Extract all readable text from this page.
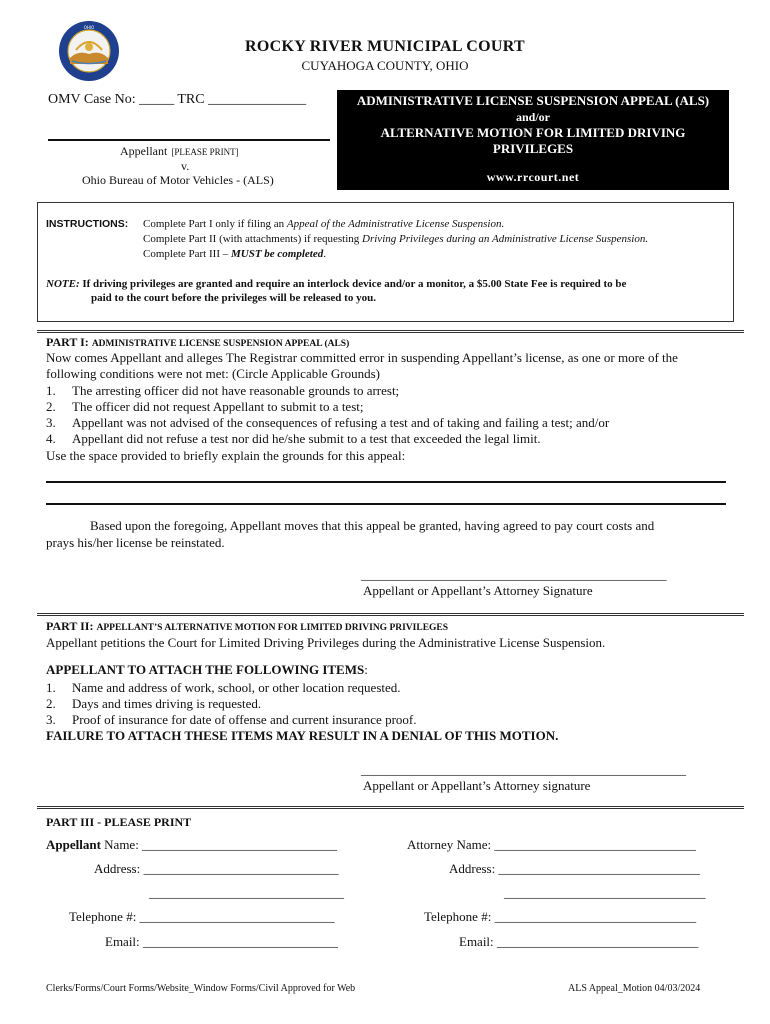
OHIO
ROCKY RIVER MUNICIPAL COURT
CUYAHOGA COUNTY, OHIO
OMV Case No: _____ TRC ______________
Appellant [PLEASE PRINT]
v.
Ohio Bureau of Motor Vehicles - (ALS)
ADMINISTRATIVE LICENSE SUSPENSION APPEAL (ALS)
and/or
ALTERNATIVE MOTION FOR LIMITED DRIVING
PRIVILEGES
www.rrcourt.net
INSTRUCTIONS: Complete Part I only if filing an Appeal of the Administrative License Suspension.
Complete Part II (with attachments) if requesting Driving Privileges during an Administrative License Suspension.
Complete Part III – MUST be completed.
NOTE: If driving privileges are granted and require an interlock device and/or a monitor, a $5.00 State Fee is required to be
paid to the court before the privileges will be released to you.
PART I: ADMINISTRATIVE LICENSE SUSPENSION APPEAL (ALS)
Now comes Appellant and alleges The Registrar committed error in suspending Appellant’s license, as one or more of the
following conditions were not met: (Circle Applicable Grounds)
1. The arresting officer did not have reasonable grounds to arrest;
2. The officer did not request Appellant to submit to a test;
3. Appellant was not advised of the consequences of refusing a test and of taking and failing a test; and/or
4. Appellant did not refuse a test nor did he/she submit to a test that exceeded the legal limit.
Use the space provided to briefly explain the grounds for this appeal:
Based upon the foregoing, Appellant moves that this appeal be granted, having agreed to pay court costs and
prays his/her license be reinstated.
_______________________________________________
Appellant or Appellant’s Attorney Signature
PART II: APPELLANT’S ALTERNATIVE MOTION FOR LIMITED DRIVING PRIVILEGES
Appellant petitions the Court for Limited Driving Privileges during the Administrative License Suspension.
APPELLANT TO ATTACH THE FOLLOWING ITEMS:
1. Name and address of work, school, or other location requested.
2. Days and times driving is requested.
3. Proof of insurance for date of offense and current insurance proof.
FAILURE TO ATTACH THESE ITEMS MAY RESULT IN A DENIAL OF THIS MOTION.
__________________________________________________
Appellant or Appellant’s Attorney signature
PART III - PLEASE PRINT
Appellant Name: ______________________________
Address: ______________________________
______________________________
Telephone #: ______________________________
Email: ______________________________
Attorney Name: _______________________________
Address: _______________________________
_______________________________
Telephone #: _______________________________
Email: _______________________________
Clerks/Forms/Court Forms/Website_Window Forms/Civil Approved for Web	ALS Appeal_Motion 04/03/2024
